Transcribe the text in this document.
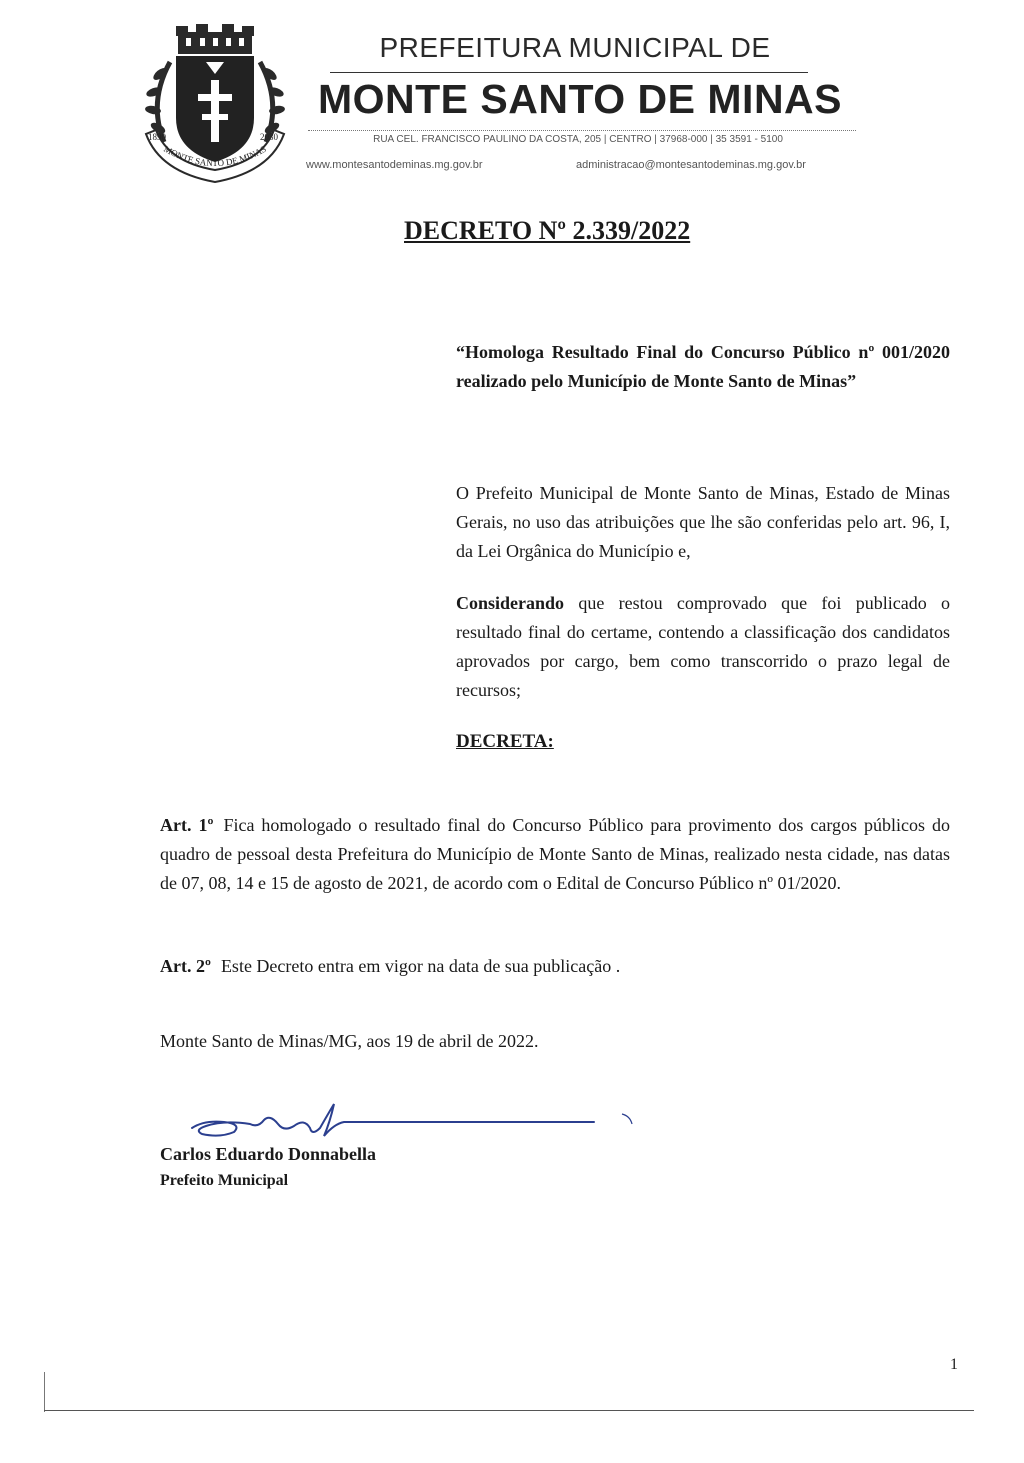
1890	2030
MONTE SANTO DE MINAS
PREFEITURA MUNICIPAL DE
MONTE SANTO DE MINAS
RUA CEL. FRANCISCO PAULINO DA COSTA, 205 | CENTRO | 37968-000 | 35 3591 - 5100
www.montesantodeminas.mg.gov.br	administracao@montesantodeminas.mg.gov.br
DECRETO Nº 2.339/2022
“Homologa Resultado Final do Concurso Público nº 001/2020 realizado pelo Município de Monte Santo de Minas”
O Prefeito Municipal de Monte Santo de Minas, Estado de Minas Gerais, no uso das atribuições que lhe são conferidas pelo art. 96, I, da Lei Orgânica do Município e,
Considerando que restou comprovado que foi publicado o resultado final do certame, contendo a classificação dos candidatos aprovados por cargo, bem como transcorrido o prazo legal de recursos;
DECRETA:
Art. 1º Fica homologado o resultado final do Concurso Público para provimento dos cargos públicos do quadro de pessoal desta Prefeitura do Município de Monte Santo de Minas, realizado nesta cidade, nas datas de 07, 08, 14 e 15 de agosto de 2021, de acordo com o Edital de Concurso Público nº 01/2020.
Art. 2º Este Decreto entra em vigor na data de sua publicação .
Monte Santo de Minas/MG, aos 19 de abril de 2022.
Carlos Eduardo Donnabella
Prefeito Municipal
1
